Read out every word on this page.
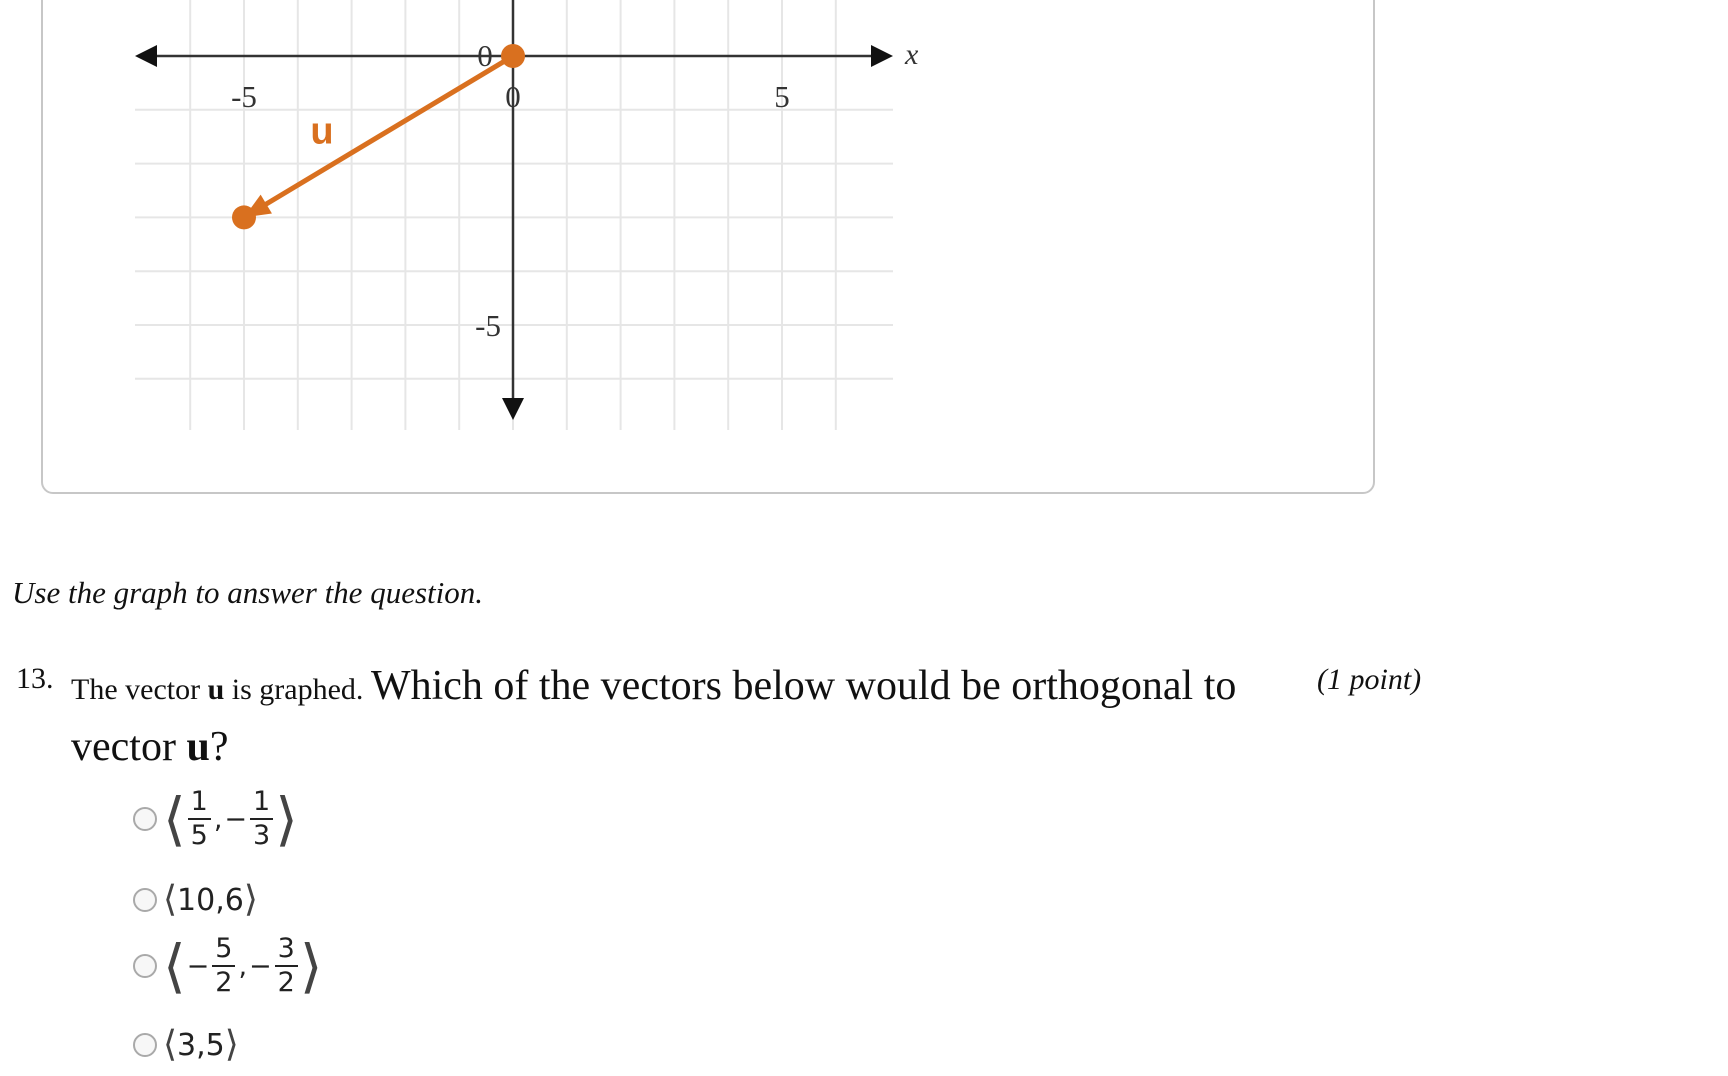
0
-5	0	5
-5
x
u

Use the graph to answer the question.

13. The vector u is graphed. Which of the vectors below would be orthogonal to vector u?

(1 point)
⟨ $\frac{1}{5}$ , − $\frac{1}{3}$ ⟩
⟨ 10,6 ⟩
⟨ − $\frac{5}{2}$ , − $\frac{3}{2}$ ⟩
⟨ 3,5 ⟩
